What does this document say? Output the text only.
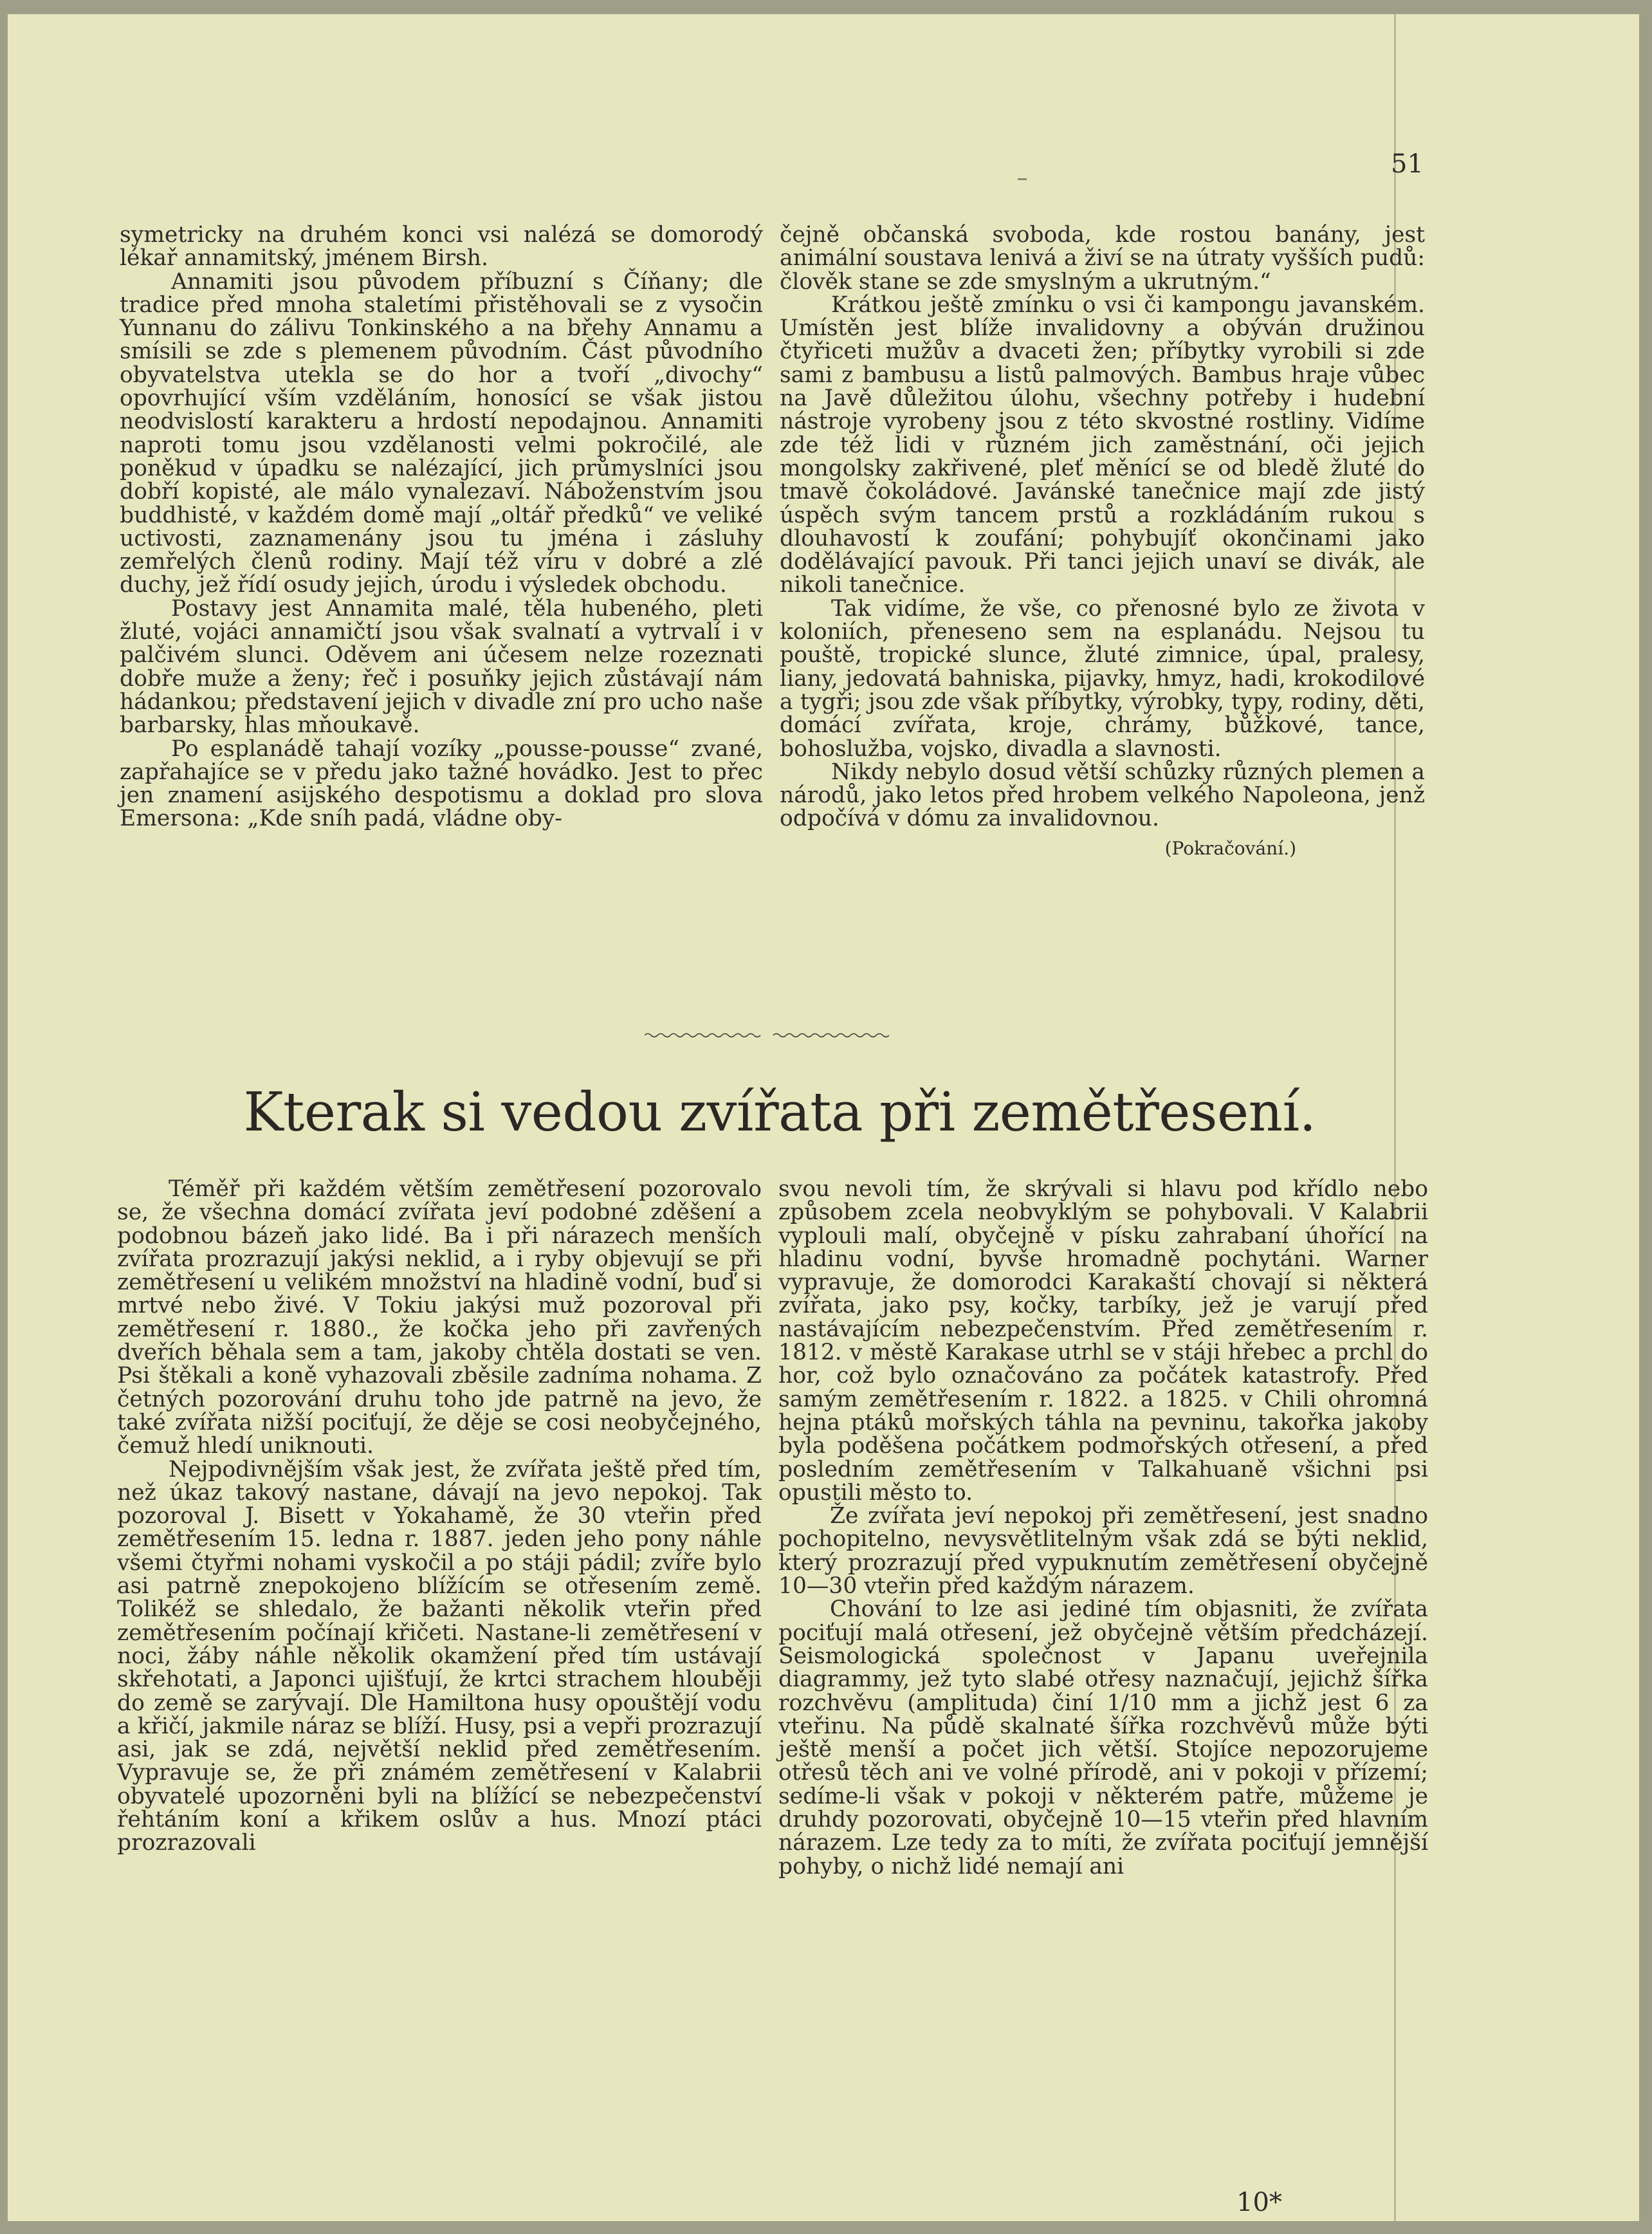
51

symetricky na druhém konci vsi nalézá se domorodý lékař annamitský, jménem Birsh.

Annamiti jsou původem příbuzní s Číňany; dle tradice před mnoha staletími přistěhovali se z vysočin Yunnanu do zálivu Tonkinského a na břehy Annamu a smísili se zde s plemenem původním. Část původního obyvatelstva utekla se do hor a tvoří „divochy“ opovrhující vším vzděláním, honosící se však jistou neodvislostí karakteru a hrdostí nepodajnou. Annamiti naproti tomu jsou vzdělanosti velmi pokročilé, ale poněkud v úpadku se nalézající, jich průmyslníci jsou dobří kopisté, ale málo vynalezaví. Náboženstvím jsou buddhisté, v každém domě mají „oltář předků“ ve veliké uctivosti, zaznamenány jsou tu jména i zásluhy zemřelých členů rodiny. Mají též víru v dobré a zlé duchy, jež řídí osudy jejich, úrodu i výsledek obchodu.

Postavy jest Annamita malé, těla hubeného, pleti žluté, vojáci annamičtí jsou však svalnatí a vytrvalí i v palčivém slunci. Oděvem ani účesem nelze rozeznati dobře muže a ženy; řeč i posuňky jejich zůstávají nám hádankou; představení jejich v divadle zní pro ucho naše barbarsky, hlas mňoukavě.

Po esplanádě tahají vozíky „pousse-pousse“ zvané, zapřahajíce se v předu jako tažné hovádko. Jest to přec jen znamení asijského despotismu a doklad pro slova Emersona: „Kde sníh padá, vládne oby-

čejně občanská svoboda, kde rostou banány, jest animální soustava lenivá a živí se na útraty vyšších pudů: člověk stane se zde smyslným a ukrutným.“

Krátkou ještě zmínku o vsi či kampongu javanském. Umístěn jest blíže invalidovny a obýván družinou čtyřiceti mužův a dvaceti žen; příbytky vyrobili si zde sami z bambusu a listů palmových. Bambus hraje vůbec na Javě důležitou úlohu, všechny potřeby i hudební nástroje vyrobeny jsou z této skvostné rostliny. Vidíme zde též lidi v různém jich zaměstnání, oči jejich mongolsky zakřivené, pleť měnící se od bledě žluté do tmavě čokoládové. Javánské tanečnice mají zde jistý úspěch svým tancem prstů a rozkládáním rukou s dlouhavostí k zoufání; pohybujíť okončinami jako dodělávající pavouk. Při tanci jejich unaví se divák, ale nikoli tanečnice.

Tak vidíme, že vše, co přenosné bylo ze života v koloniích, přeneseno sem na esplanádu. Nejsou tu pouště, tropické slunce, žluté zimnice, úpal, pralesy, liany, jedovatá bahniska, pijavky, hmyz, hadi, krokodilové a tygři; jsou zde však příbytky, výrobky, typy, rodiny, děti, domácí zvířata, kroje, chrámy, bůžkové, tance, bohoslužba, vojsko, divadla a slavnosti.

Nikdy nebylo dosud větší schůzky různých plemen a národů, jako letos před hrobem velkého Napoleona, jenž odpočívá v dómu za invalidovnou.

(Pokračování.)
Kterak si vedou zvířata při zemětřesení.

Téměř při každém větším zemětřesení pozorovalo se, že všechna domácí zvířata jeví podobné zděšení a podobnou bázeň jako lidé. Ba i při nárazech menších zvířata prozrazují jakýsi neklid, a i ryby objevují se při zemětřesení u velikém množství na hladině vodní, buď si mrtvé nebo živé. V Tokiu jakýsi muž pozoroval při zemětřesení r. 1880., že kočka jeho při zavřených dveřích běhala sem a tam, jakoby chtěla dostati se ven. Psi štěkali a koně vyhazovali zběsile zadníma nohama. Z četných pozorování druhu toho jde patrně na jevo, že také zvířata nižší pociťují, že děje se cosi neobyčejného, čemuž hledí uniknouti.

Nejpodivnějším však jest, že zvířata ještě před tím, než úkaz takový nastane, dávají na jevo nepokoj. Tak pozoroval J. Bisett v Yokahamě, že 30 vteřin před zemětřesením 15. ledna r. 1887. jeden jeho pony náhle všemi čtyřmi nohami vyskočil a po stáji pádil; zvíře bylo asi patrně znepokojeno blížícím se otřesením země. Tolikéž se shledalo, že bažanti několik vteřin před zemětřesením počínají křičeti. Nastane-li zemětřesení v noci, žáby náhle několik okamžení před tím ustávají skřehotati, a Japonci ujišťují, že krtci strachem hlouběji do země se zarývají. Dle Hamiltona husy opouštějí vodu a křičí, jakmile náraz se blíží. Husy, psi a vepři prozrazují asi, jak se zdá, největší neklid před zemětřesením. Vypravuje se, že při známém zemětřesení v Kalabrii obyvatelé upozorněni byli na blížící se nebezpečenství řehtáním koní a křikem oslův a hus. Mnozí ptáci prozrazovali

svou nevoli tím, že skrývali si hlavu pod křídlo nebo způsobem zcela neobvyklým se pohybovali. V Kalabrii vyplouli malí, obyčejně v písku zahrabaní úhořící na hladinu vodní, byvše hromadně pochytáni. Warner vypravuje, že domorodci Karakaští chovají si některá zvířata, jako psy, kočky, tarbíky, jež je varují před nastávajícím nebezpečenstvím. Před zemětřesením r. 1812. v městě Karakase utrhl se v stáji hřebec a prchl do hor, což bylo označováno za počátek katastrofy. Před samým zemětřesením r. 1822. a 1825. v Chili ohromná hejna ptáků mořských táhla na pevninu, takořka jakoby byla poděšena počátkem podmořských otřesení, a před posledním zemětřesením v Talkahuaně všichni psi opustili město to.

Že zvířata jeví nepokoj při zemětřesení, jest snadno pochopitelno, nevysvětlitelným však zdá se býti neklid, který prozrazují před vypuknutím zemětřesení obyčejně 10—30 vteřin před každým nárazem.

Chování to lze asi jediné tím objasniti, že zvířata pociťují malá otřesení, jež obyčejně větším předcházejí. Seismologická společnost v Japanu uveřejnila diagrammy, jež tyto slabé otřesy naznačují, jejichž šířka rozchvěvu (amplituda) činí 1/10 mm a jichž jest 6 za vteřinu. Na půdě skalnaté šířka rozchvěvů může býti ještě menší a počet jich větší. Stojíce nepozorujeme otřesů těch ani ve volné přírodě, ani v pokoji v přízemí; sedíme-li však v pokoji v některém patře, můžeme je druhdy pozorovati, obyčejně 10—15 vteřin před hlavním nárazem. Lze tedy za to míti, že zvířata pociťují jemnější pohyby, o nichž lidé nemají ani

10*
